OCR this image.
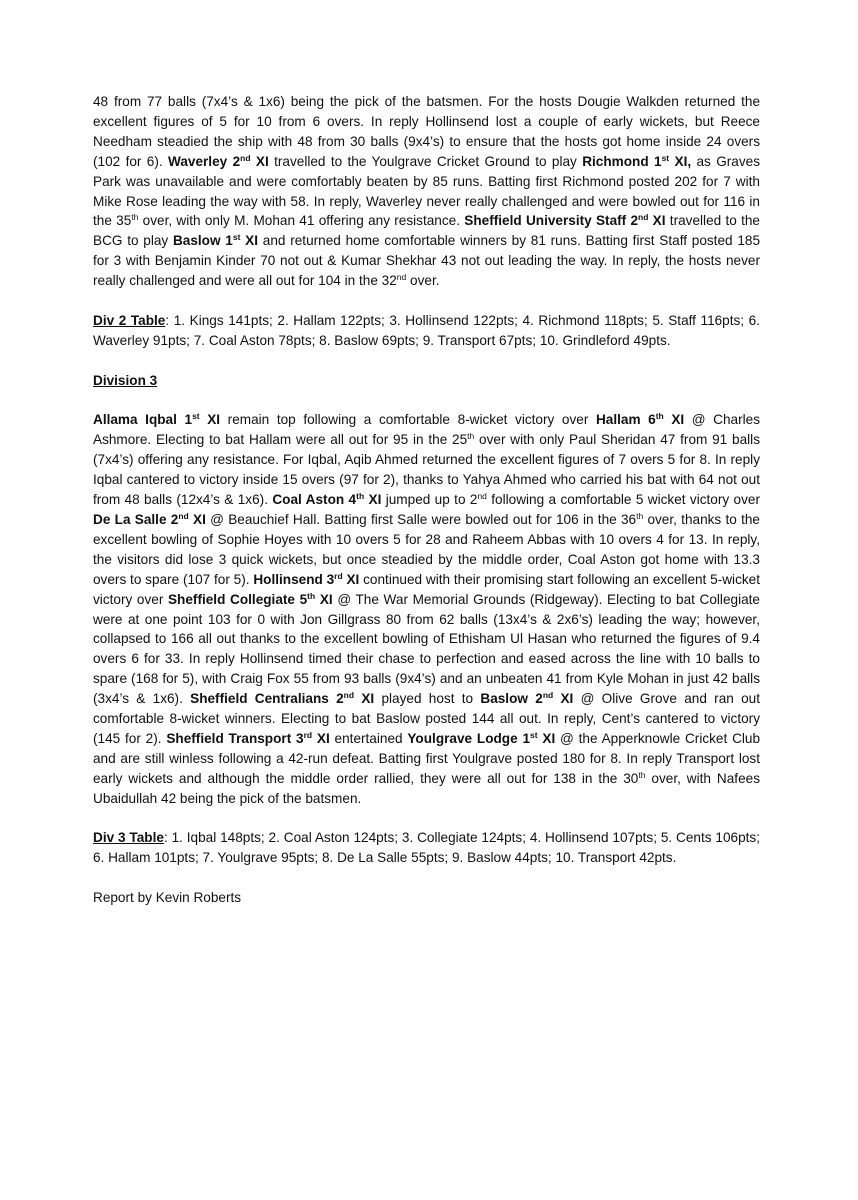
48 from 77 balls (7x4’s & 1x6) being the pick of the batsmen. For the hosts Dougie Walkden returned the excellent figures of 5 for 10 from 6 overs. In reply Hollinsend lost a couple of early wickets, but Reece Needham steadied the ship with 48 from 30 balls (9x4’s) to ensure that the hosts got home inside 24 overs (102 for 6). Waverley 2nd XI travelled to the Youlgrave Cricket Ground to play Richmond 1st XI, as Graves Park was unavailable and were comfortably beaten by 85 runs. Batting first Richmond posted 202 for 7 with Mike Rose leading the way with 58. In reply, Waverley never really challenged and were bowled out for 116 in the 35th over, with only M. Mohan 41 offering any resistance. Sheffield University Staff 2nd XI travelled to the BCG to play Baslow 1st XI and returned home comfortable winners by 81 runs. Batting first Staff posted 185 for 3 with Benjamin Kinder 70 not out & Kumar Shekhar 43 not out leading the way. In reply, the hosts never really challenged and were all out for 104 in the 32nd over.

Div 2 Table: 1. Kings 141pts; 2. Hallam 122pts; 3. Hollinsend 122pts; 4. Richmond 118pts; 5. Staff 116pts; 6. Waverley 91pts; 7. Coal Aston 78pts; 8. Baslow 69pts; 9. Transport 67pts; 10. Grindleford 49pts.

Division 3

Allama Iqbal 1st XI remain top following a comfortable 8-wicket victory over Hallam 6th XI @ Charles Ashmore. Electing to bat Hallam were all out for 95 in the 25th over with only Paul Sheridan 47 from 91 balls (7x4’s) offering any resistance. For Iqbal, Aqib Ahmed returned the excellent figures of 7 overs 5 for 8. In reply Iqbal cantered to victory inside 15 overs (97 for 2), thanks to Yahya Ahmed who carried his bat with 64 not out from 48 balls (12x4’s & 1x6). Coal Aston 4th XI jumped up to 2nd following a comfortable 5 wicket victory over De La Salle 2nd XI @ Beauchief Hall. Batting first Salle were bowled out for 106 in the 36th over, thanks to the excellent bowling of Sophie Hoyes with 10 overs 5 for 28 and Raheem Abbas with 10 overs 4 for 13. In reply, the visitors did lose 3 quick wickets, but once steadied by the middle order, Coal Aston got home with 13.3 overs to spare (107 for 5). Hollinsend 3rd XI continued with their promising start following an excellent 5-wicket victory over Sheffield Collegiate 5th XI @ The War Memorial Grounds (Ridgeway). Electing to bat Collegiate were at one point 103 for 0 with Jon Gillgrass 80 from 62 balls (13x4’s & 2x6’s) leading the way; however, collapsed to 166 all out thanks to the excellent bowling of Ethisham Ul Hasan who returned the figures of 9.4 overs 6 for 33. In reply Hollinsend timed their chase to perfection and eased across the line with 10 balls to spare (168 for 5), with Craig Fox 55 from 93 balls (9x4’s) and an unbeaten 41 from Kyle Mohan in just 42 balls (3x4’s & 1x6). Sheffield Centralians 2nd XI played host to Baslow 2nd XI @ Olive Grove and ran out comfortable 8-wicket winners. Electing to bat Baslow posted 144 all out. In reply, Cent’s cantered to victory (145 for 2). Sheffield Transport 3rd XI entertained Youlgrave Lodge 1st XI @ the Apperknowle Cricket Club and are still winless following a 42-run defeat. Batting first Youlgrave posted 180 for 8. In reply Transport lost early wickets and although the middle order rallied, they were all out for 138 in the 30th over, with Nafees Ubaidullah 42 being the pick of the batsmen.

Div 3 Table: 1. Iqbal 148pts; 2. Coal Aston 124pts; 3. Collegiate 124pts; 4. Hollinsend 107pts; 5. Cents 106pts; 6. Hallam 101pts; 7. Youlgrave 95pts; 8. De La Salle 55pts; 9. Baslow 44pts; 10. Transport 42pts.

Report by Kevin Roberts
